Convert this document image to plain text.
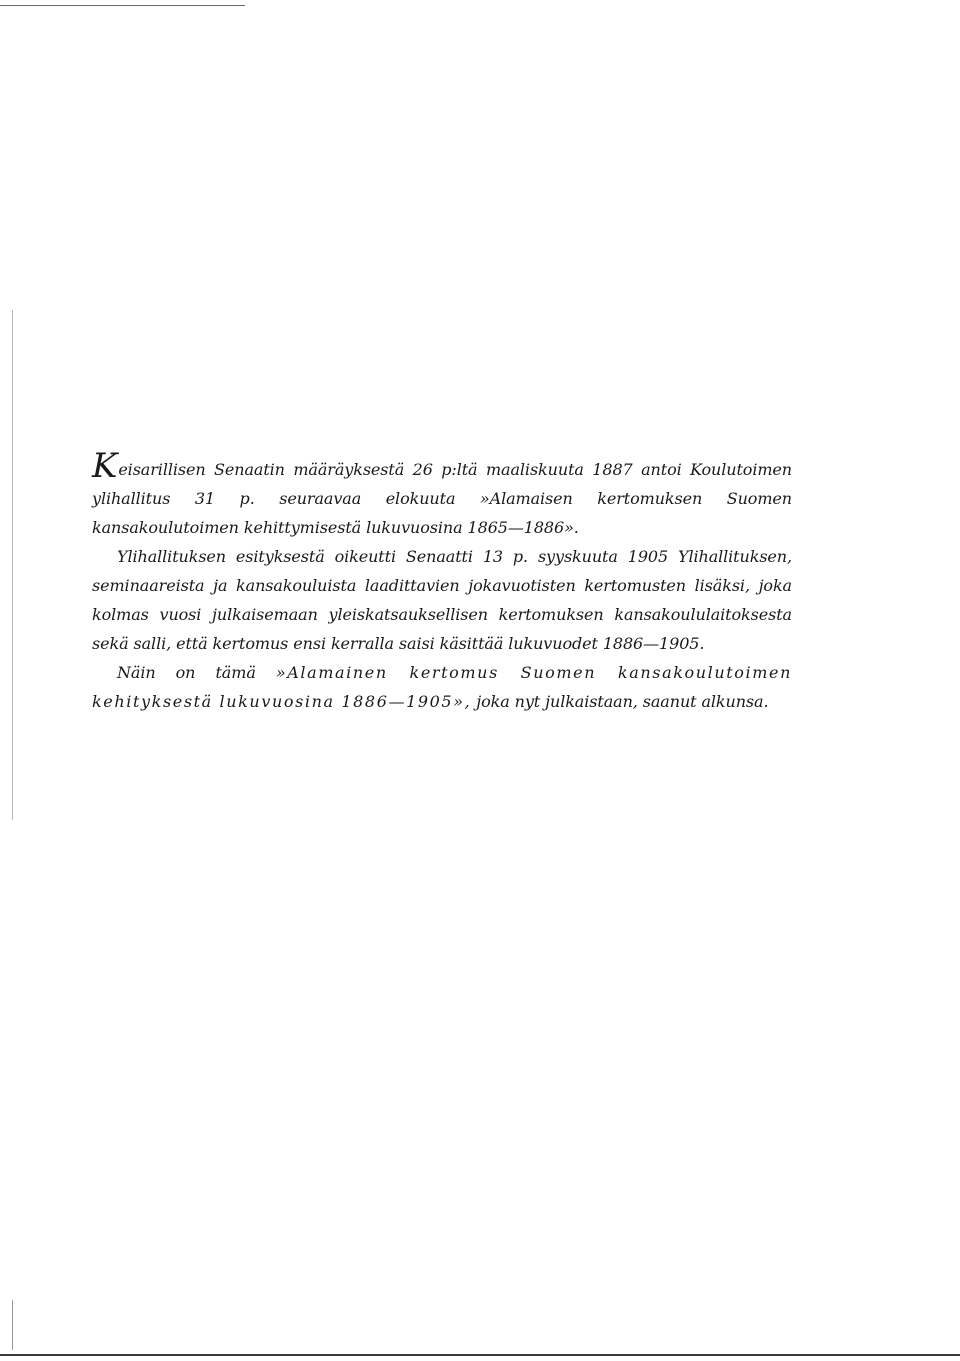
Keisarillisen Senaatin määräyksestä 26 p:ltä maaliskuuta 1887 antoi Koulutoimen ylihallitus 31 p. seuraavaa elokuuta »Alamaisen kertomuksen Suomen kansakoulutoimen kehittymisestä lukuvuosina 1865—1886».

Ylihallituksen esityksestä oikeutti Senaatti 13 p. syyskuuta 1905 Ylihallituksen, seminaareista ja kansakouluista laadittavien jokavuotisten kertomusten lisäksi, joka kolmas vuosi julkaisemaan yleiskatsauksellisen kertomuksen kansakoululaitoksesta sekä salli, että kertomus ensi kerralla saisi käsittää lukuvuodet 1886—1905.

Näin on tämä »Alamainen kertomus Suomen kansakoulutoimen kehityksestä lukuvuosina 1886—1905», joka nyt julkaistaan, saanut alkunsa.
